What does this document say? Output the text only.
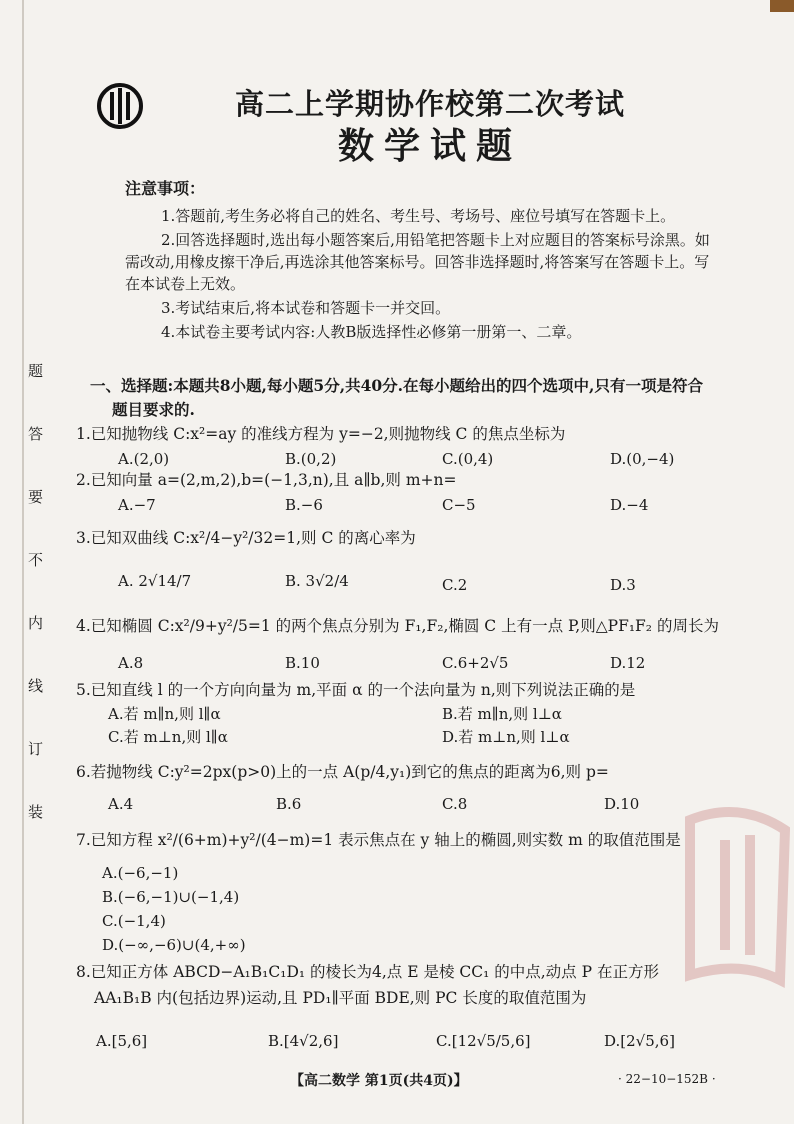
题
答
要
不
内
线
订
装
高二上学期协作校第二次考试
数学试题
注意事项：
1.答题前,考生务必将自己的姓名、考生号、考场号、座位号填写在答题卡上。
2.回答选择题时,选出每小题答案后,用铅笔把答题卡上对应题目的答案标号涂黑。如需改动,用橡皮擦干净后,再选涂其他答案标号。回答非选择题时,将答案写在答题卡上。写在本试卷上无效。
3.考试结束后,将本试卷和答题卡一并交回。
4.本试卷主要考试内容:人教B版选择性必修第一册第一、二章。
一、选择题:本题共8小题,每小题5分,共40分.在每小题给出的四个选项中,只有一项是符合
题目要求的.
1.已知抛物线 C:x²=ay 的准线方程为 y=−2,则抛物线 C 的焦点坐标为
A.(2,0)	B.(0,2)	C.(0,4)	D.(0,−4)
2.已知向量 a=(2,m,2),b=(−1,3,n),且 a∥b,则 m+n=
A.−7	B.−6	C−5	D.−4
3.已知双曲线 C:x²/4−y²/32=1,则 C 的离心率为
A. 2√14/7	B. 3√2/4	C.2	D.3
4.已知椭圆 C:x²/9+y²/5=1 的两个焦点分别为 F₁,F₂,椭圆 C 上有一点 P,则△PF₁F₂ 的周长为
A.8	B.10	C.6+2√5	D.12
5.已知直线 l 的一个方向向量为 m,平面 α 的一个法向量为 n,则下列说法正确的是
A.若 m∥n,则 l∥α	B.若 m∥n,则 l⊥α
C.若 m⊥n,则 l∥α	D.若 m⊥n,则 l⊥α
6.若抛物线 C:y²=2px(p>0)上的一点 A(p/4,y₁)到它的焦点的距离为6,则 p=
A.4	B.6	C.8	D.10
7.已知方程 x²/(6+m)+y²/(4−m)=1 表示焦点在 y 轴上的椭圆,则实数 m 的取值范围是
A.(−6,−1)
B.(−6,−1)∪(−1,4)
C.(−1,4)
D.(−∞,−6)∪(4,+∞)
8.已知正方体 ABCD−A₁B₁C₁D₁ 的棱长为4,点 E 是棱 CC₁ 的中点,动点 P 在正方形
AA₁B₁B 内(包括边界)运动,且 PD₁∥平面 BDE,则 PC 长度的取值范围为
A.[5,6]	B.[4√2,6]	C.[12√5/5,6]	D.[2√5,6]
【高二数学 第1页(共4页)】	· 22−10−152B ·
